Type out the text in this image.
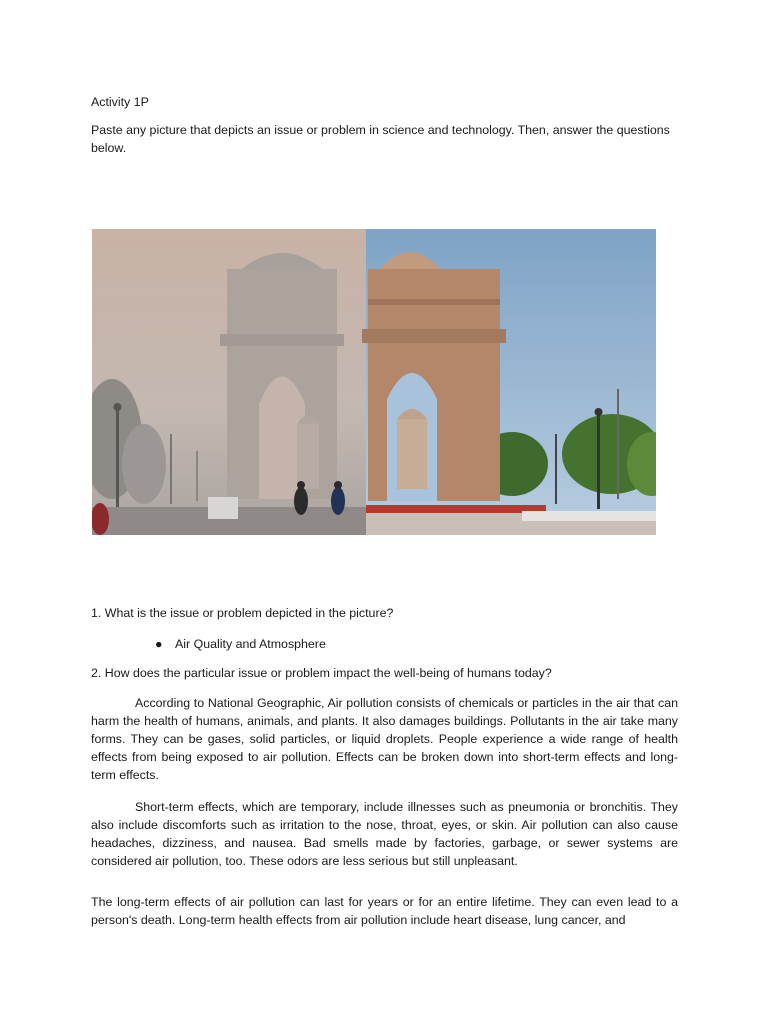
Activity 1P

Paste any picture that depicts an issue or problem in science and technology. Then, answer the questions below.

1. What is the issue or problem depicted in the picture?

● Air Quality and Atmosphere

2. How does the particular issue or problem impact the well-being of humans today?

According to National Geographic, Air pollution consists of chemicals or particles in the air that can harm the health of humans, animals, and plants. It also damages buildings. Pollutants in the air take many forms. They can be gases, solid particles, or liquid droplets. People experience a wide range of health effects from being exposed to air pollution. Effects can be broken down into short-term effects and long-term effects.

Short-term effects, which are temporary, include illnesses such as pneumonia or bronchitis. They also include discomforts such as irritation to the nose, throat, eyes, or skin. Air pollution can also cause headaches, dizziness, and nausea. Bad smells made by factories, garbage, or sewer systems are considered air pollution, too. These odors are less serious but still unpleasant.

The long-term effects of air pollution can last for years or for an entire lifetime. They can even lead to a person's death. Long-term health effects from air pollution include heart disease, lung cancer, and
